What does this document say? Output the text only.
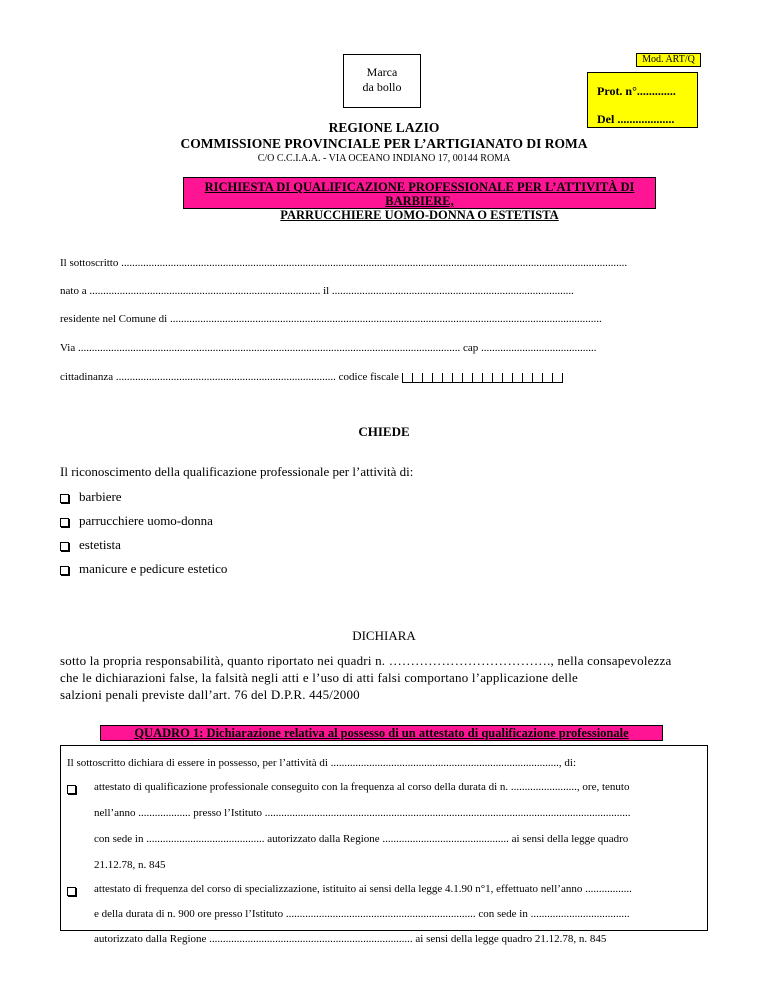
Mod. ART/Q
Marca
da bollo	Prot. n°.............
Del ...................
REGIONE LAZIO
COMMISSIONE PROVINCIALE PER L’ARTIGIANATO DI ROMA
C/O C.C.I.A.A. - VIA OCEANO INDIANO 17, 00144 ROMA
RICHIESTA DI QUALIFICAZIONE PROFESSIONALE PER L’ATTIVITÀ DI BARBIERE,
PARRUCCHIERE UOMO-DONNA O ESTETISTA
Il sottoscritto ........................................................................................................................................................................................
nato a .................................................................................... il ........................................................................................
residente nel Comune di .............................................................................................................................................................
Via ........................................................................................................................................... cap ..........................................
cittadinanza ................................................................................ codice fiscale
CHIEDE
Il riconoscimento della qualificazione professionale per l’attività di:
barbiere
parrucchiere uomo-donna
estetista
manicure e pedicure estetico
DICHIARA
sotto la propria responsabilità, quanto riportato nei quadri n. ………………………………., nella consapevolezza
che le dichiarazioni false, la falsità negli atti e l’uso di atti falsi comportano l’applicazione delle
salzioni penali previste dall’art. 76 del D.P.R. 445/2000
QUADRO 1: Dichiarazione relativa al possesso di un attestato di qualificazione professionale
Il sottoscritto dichiara di essere in possesso, per l’attività di ..................................................................................., di:
attestato di qualificazione professionale conseguito con la frequenza al corso della durata di n. ........................, ore, tenuto
nell’anno ................... presso l’Istituto .....................................................................................................................................
con sede in ........................................... autorizzato dalla Regione .............................................. ai sensi della legge quadro
21.12.78, n. 845
attestato di frequenza del corso di specializzazione, istituito ai sensi della legge 4.1.90 n°1, effettuato nell’anno .................
e della durata di n. 900 ore presso l’Istituto ..................................................................... con sede in ....................................
autorizzato dalla Regione .......................................................................... ai sensi della legge quadro 21.12.78, n. 845
